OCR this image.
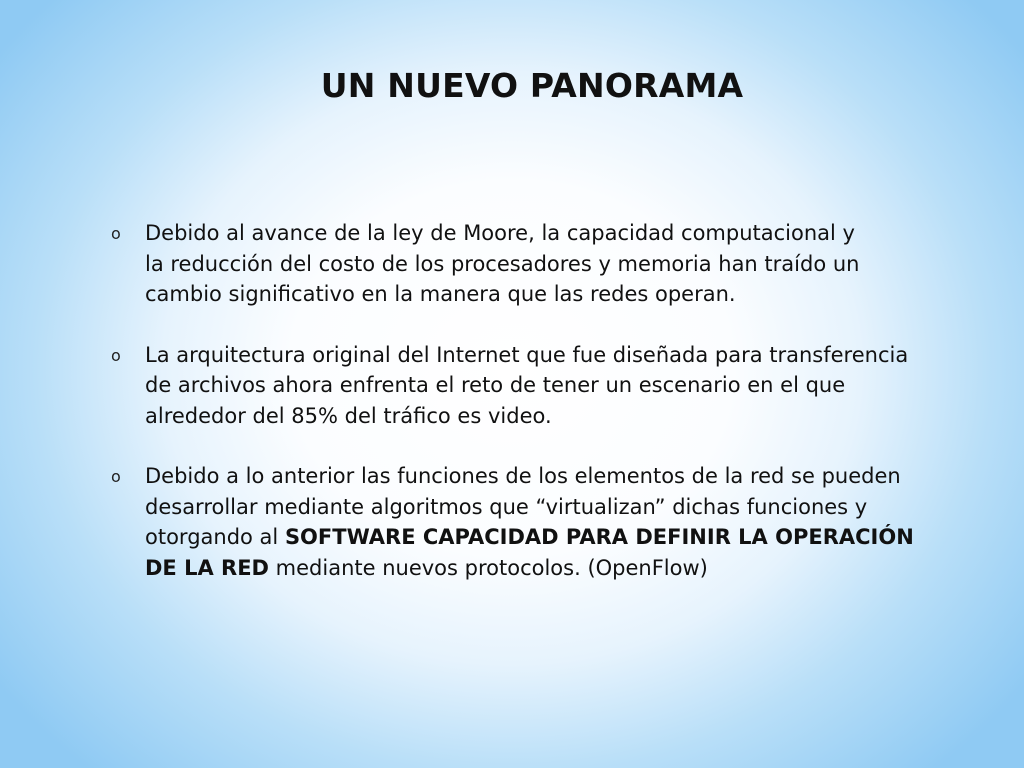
UN NUEVO PANORAMA
o Debido al avance de la ley de Moore, la capacidad computacional y
la reducción del costo de los procesadores y memoria han traído un
cambio significativo en la manera que las redes operan.
o La arquitectura original del Internet que fue diseñada para transferencia
de archivos ahora enfrenta el reto de tener un escenario en el que
alrededor del 85% del tráfico es video.
o Debido a lo anterior las funciones de los elementos de la red se pueden
desarrollar mediante algoritmos que “virtualizan” dichas funciones y
otorgando al SOFTWARE CAPACIDAD PARA DEFINIR LA OPERACIÓN
DE LA RED mediante nuevos protocolos. (OpenFlow)
